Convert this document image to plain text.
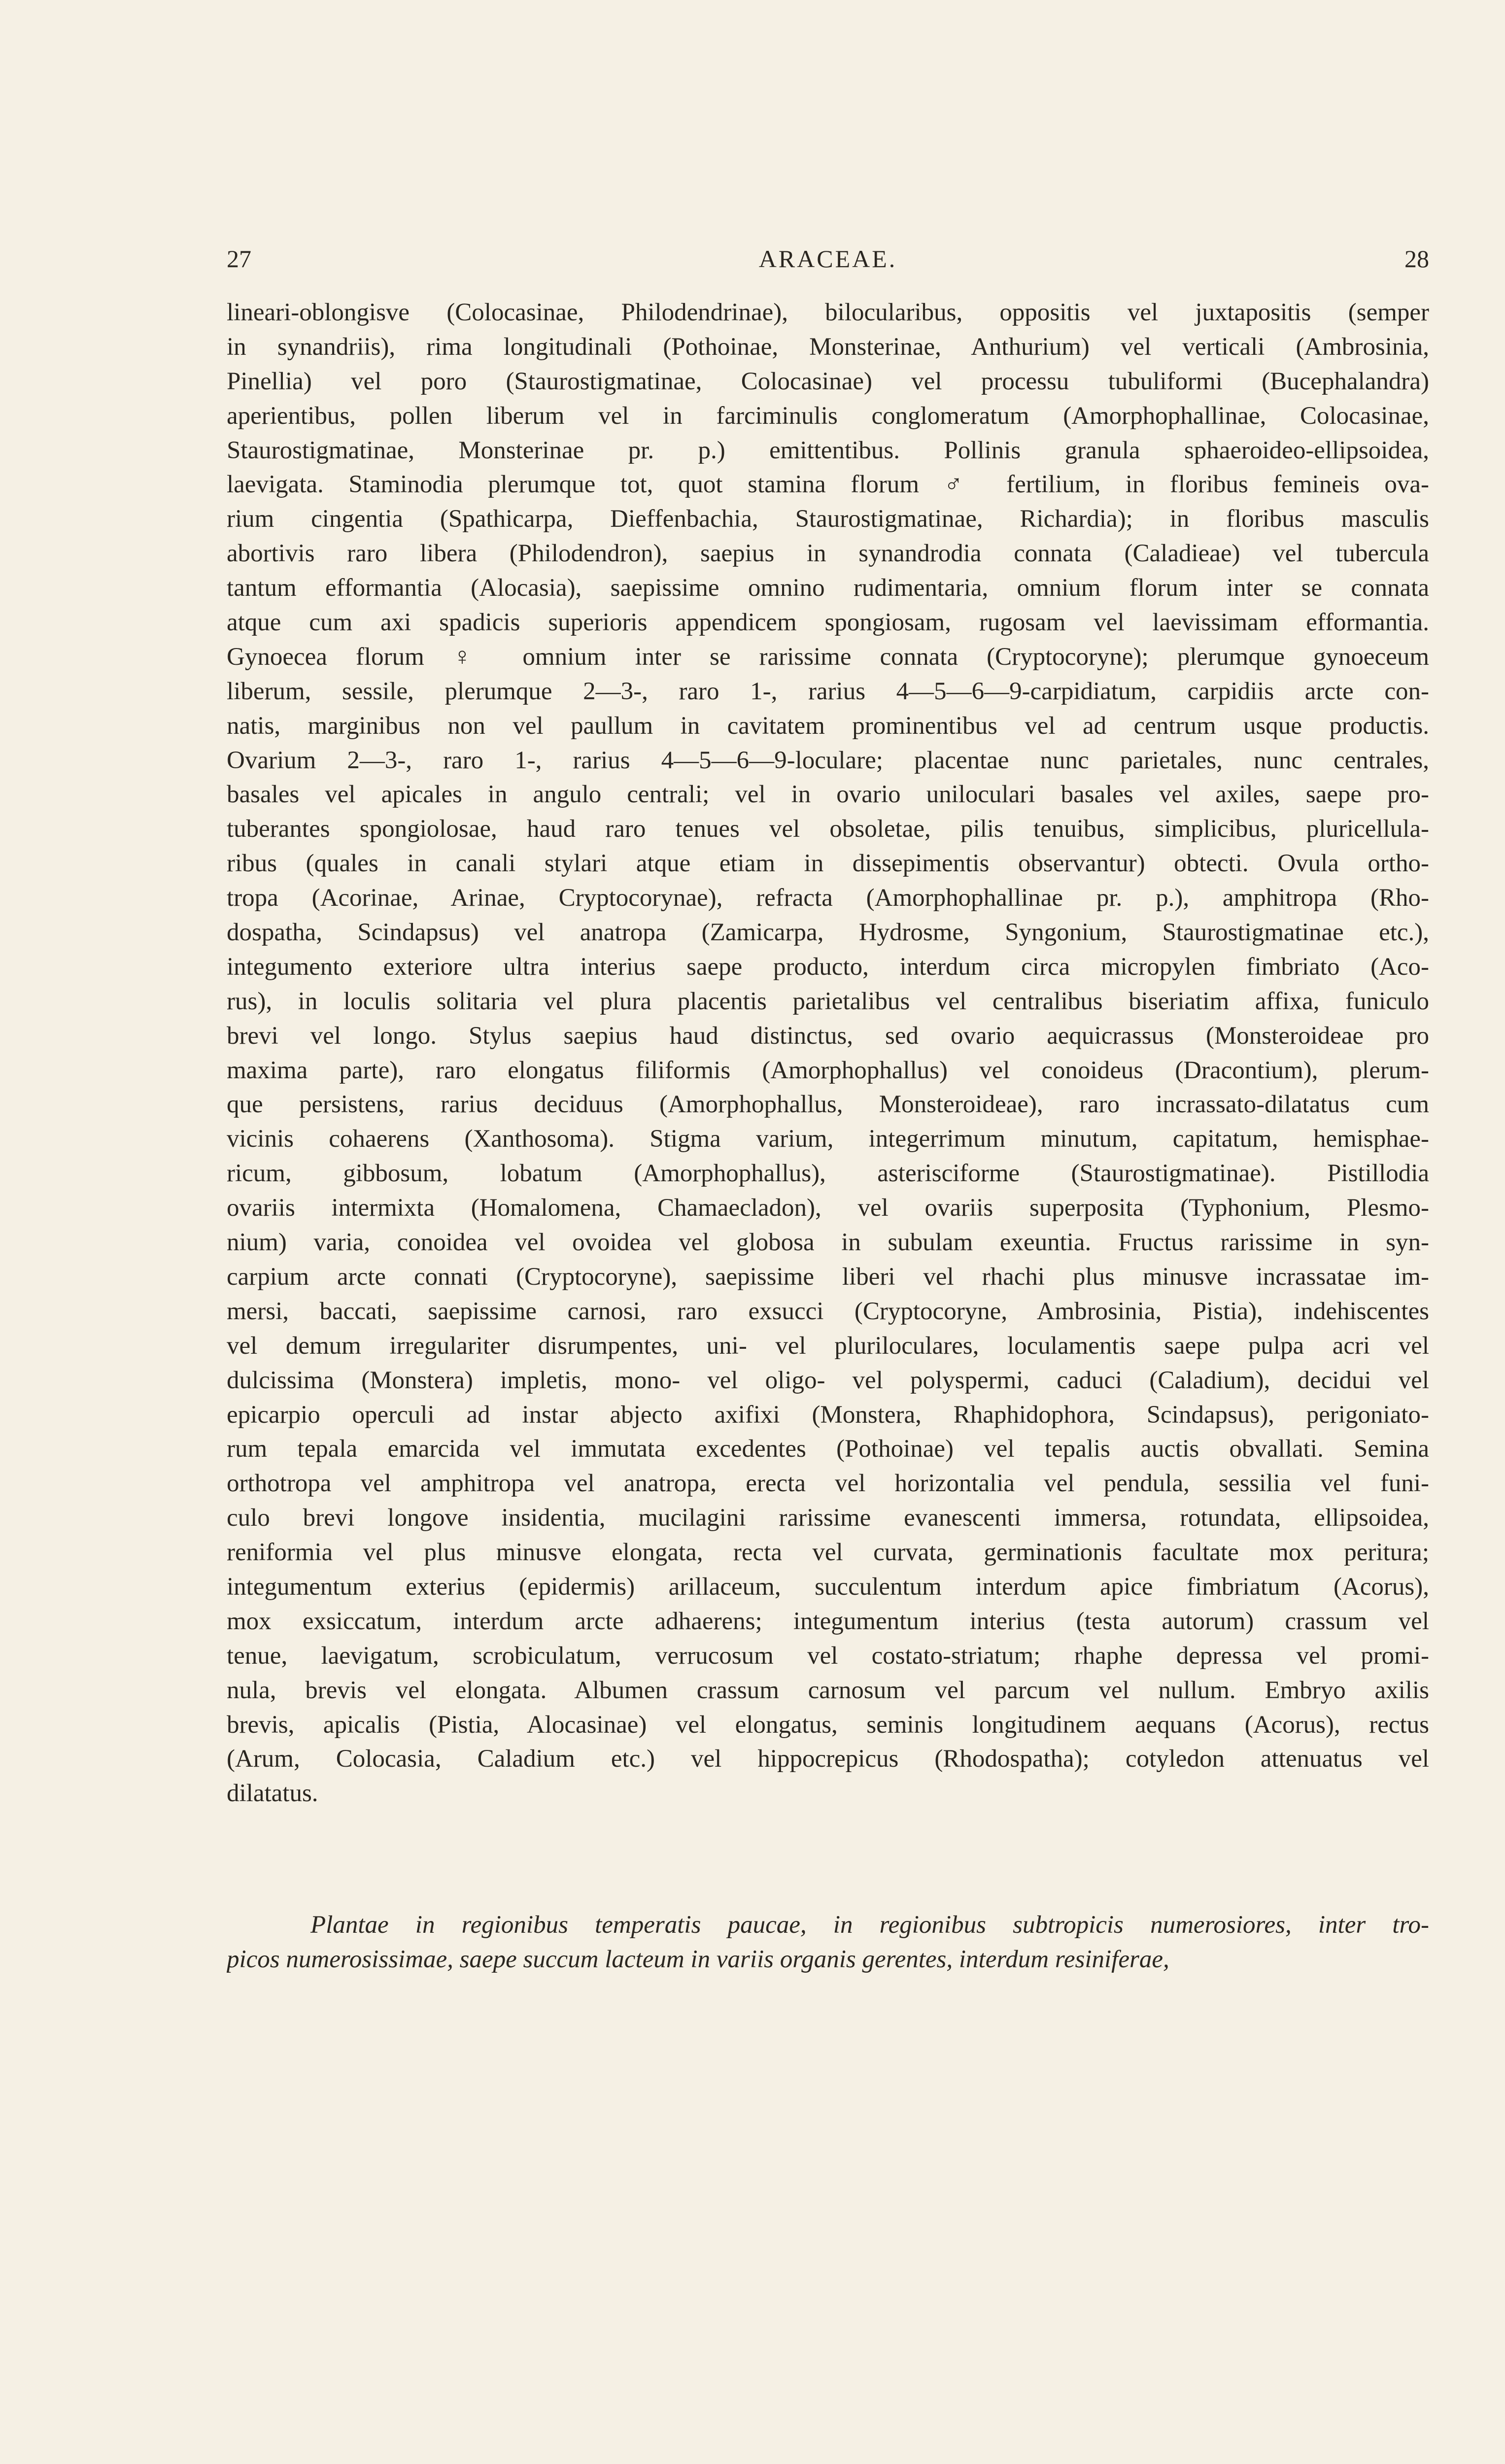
27	ARACEAE.	28
lineari-oblongisve (Colocasinae, Philodendrinae), bilocularibus, oppositis vel juxtapositis (semper
in synandriis), rima longitudinali (Pothoinae, Monsterinae, Anthurium) vel verticali (Ambrosinia,
Pinellia) vel poro (Staurostigmatinae, Colocasinae) vel processu tubuliformi (Bucephalandra)
aperientibus, pollen liberum vel in farciminulis conglomeratum (Amorphophallinae, Colocasinae,
Staurostigmatinae, Monsterinae pr. p.) emittentibus. Pollinis granula sphaeroideo-ellipsoidea,
laevigata. Staminodia plerumque tot, quot stamina florum ♂ fertilium, in floribus femineis ova-
rium cingentia (Spathicarpa, Dieffenbachia, Staurostigmatinae, Richardia); in floribus masculis
abortivis raro libera (Philodendron), saepius in synandrodia connata (Caladieae) vel tubercula
tantum efformantia (Alocasia), saepissime omnino rudimentaria, omnium florum inter se connata
atque cum axi spadicis superioris appendicem spongiosam, rugosam vel laevissimam efformantia.
Gynoecea florum ♀ omnium inter se rarissime connata (Cryptocoryne); plerumque gynoeceum
liberum, sessile, plerumque 2—3-, raro 1-, rarius 4—5—6—9-carpidiatum, carpidiis arcte con-
natis, marginibus non vel paullum in cavitatem prominentibus vel ad centrum usque productis.
Ovarium 2—3-, raro 1-, rarius 4—5—6—9-loculare; placentae nunc parietales, nunc centrales,
basales vel apicales in angulo centrali; vel in ovario uniloculari basales vel axiles, saepe pro-
tuberantes spongiolosae, haud raro tenues vel obsoletae, pilis tenuibus, simplicibus, pluricellula-
ribus (quales in canali stylari atque etiam in dissepimentis observantur) obtecti. Ovula ortho-
tropa (Acorinae, Arinae, Cryptocorynae), refracta (Amorphophallinae pr. p.), amphitropa (Rho-
dospatha, Scindapsus) vel anatropa (Zamicarpa, Hydrosme, Syngonium, Staurostigmatinae etc.),
integumento exteriore ultra interius saepe producto, interdum circa micropylen fimbriato (Aco-
rus), in loculis solitaria vel plura placentis parietalibus vel centralibus biseriatim affixa, funiculo
brevi vel longo. Stylus saepius haud distinctus, sed ovario aequicrassus (Monsteroideae pro
maxima parte), raro elongatus filiformis (Amorphophallus) vel conoideus (Dracontium), plerum-
que persistens, rarius deciduus (Amorphophallus, Monsteroideae), raro incrassato-dilatatus cum
vicinis cohaerens (Xanthosoma). Stigma varium, integerrimum minutum, capitatum, hemisphae-
ricum, gibbosum, lobatum (Amorphophallus), asterisciforme (Staurostigmatinae). Pistillodia
ovariis intermixta (Homalomena, Chamaecladon), vel ovariis superposita (Typhonium, Plesmo-
nium) varia, conoidea vel ovoidea vel globosa in subulam exeuntia. Fructus rarissime in syn-
carpium arcte connati (Cryptocoryne), saepissime liberi vel rhachi plus minusve incrassatae im-
mersi, baccati, saepissime carnosi, raro exsucci (Cryptocoryne, Ambrosinia, Pistia), indehiscentes
vel demum irregulariter disrumpentes, uni- vel pluriloculares, loculamentis saepe pulpa acri vel
dulcissima (Monstera) impletis, mono- vel oligo- vel polyspermi, caduci (Caladium), decidui vel
epicarpio operculi ad instar abjecto axifixi (Monstera, Rhaphidophora, Scindapsus), perigoniato-
rum tepala emarcida vel immutata excedentes (Pothoinae) vel tepalis auctis obvallati. Semina
orthotropa vel amphitropa vel anatropa, erecta vel horizontalia vel pendula, sessilia vel funi-
culo brevi longove insidentia, mucilagini rarissime evanescenti immersa, rotundata, ellipsoidea,
reniformia vel plus minusve elongata, recta vel curvata, germinationis facultate mox peritura;
integumentum exterius (epidermis) arillaceum, succulentum interdum apice fimbriatum (Acorus),
mox exsiccatum, interdum arcte adhaerens; integumentum interius (testa autorum) crassum vel
tenue, laevigatum, scrobiculatum, verrucosum vel costato-striatum; rhaphe depressa vel promi-
nula, brevis vel elongata. Albumen crassum carnosum vel parcum vel nullum. Embryo axilis
brevis, apicalis (Pistia, Alocasinae) vel elongatus, seminis longitudinem aequans (Acorus), rectus
(Arum, Colocasia, Caladium etc.) vel hippocrepicus (Rhodospatha); cotyledon attenuatus vel
dilatatus.
Plantae in regionibus temperatis paucae, in regionibus subtropicis numerosiores, inter tro-
picos numerosissimae, saepe succum lacteum in variis organis gerentes, interdum resiniferae,
